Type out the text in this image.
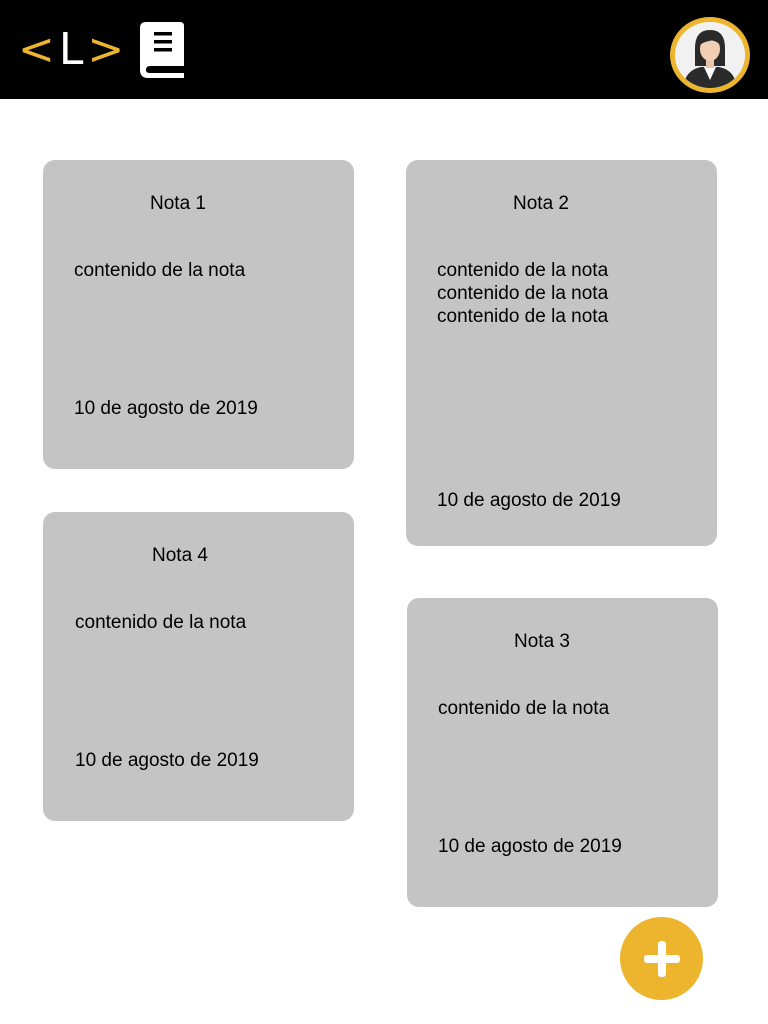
< L >
Nota 1
contenido de la nota
10 de agosto de 2019
Nota 2
contenido de la nota
contenido de la nota
contenido de la nota
10 de agosto de 2019
Nota 4
contenido de la nota
10 de agosto de 2019
Nota 3
contenido de la nota
10 de agosto de 2019
